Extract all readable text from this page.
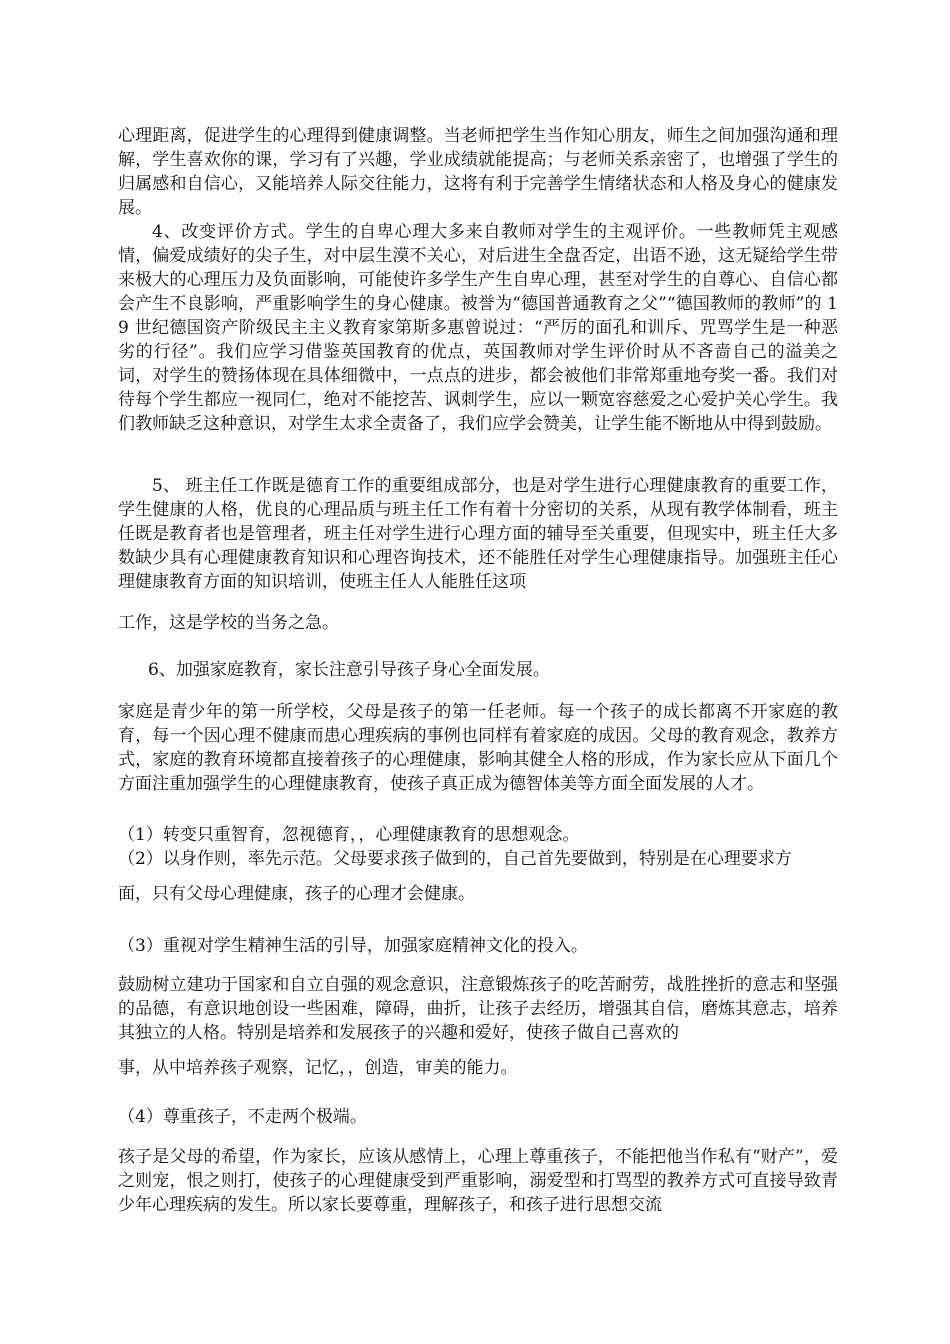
心理距离，促进学生的心理得到健康调整。当老师把学生当作知心朋友，师生之间加强沟通和理解，学生喜欢你的课，学习有了兴趣，学业成绩就能提高；与老师关系亲密了，也增强了学生的归属感和自信心，又能培养人际交往能力，这将有利于完善学生情绪状态和人格及身心的健康发展。

4、改变评价方式。学生的自卑心理大多来自教师对学生的主观评价。一些教师凭主观感情，偏爱成绩好的尖子生，对中层生漠不关心，对后进生全盘否定，出语不逊，这无疑给学生带来极大的心理压力及负面影响，可能使许多学生产生自卑心理，甚至对学生的自尊心、自信心都会产生不良影响，严重影响学生的身心健康。被誉为“德国普通教育之父”“德国教师的教师”的 19 世纪德国资产阶级民主主义教育家第斯多惠曾说过：“严厉的面孔和训斥、咒骂学生是一种恶劣的行径”。我们应学习借鉴英国教育的优点，英国教师对学生评价时从不吝啬自己的溢美之词，对学生的赞扬体现在具体细微中，一点点的进步，都会被他们非常郑重地夸奖一番。我们对待每个学生都应一视同仁，绝对不能挖苦、讽刺学生，应以一颗宽容慈爱之心爱护关心学生。我们教师缺乏这种意识，对学生太求全责备了，我们应学会赞美，让学生能不断地从中得到鼓励。

5、 班主任工作既是德育工作的重要组成部分，也是对学生进行心理健康教育的重要工作，学生健康的人格，优良的心理品质与班主任工作有着十分密切的关系，从现有教学体制看，班主任既是教育者也是管理者，班主任对学生进行心理方面的辅导至关重要，但现实中，班主任大多数缺少具有心理健康教育知识和心理咨询技术，还不能胜任对学生心理健康指导。加强班主任心理健康教育方面的知识培训，使班主任人人能胜任这项

工作，这是学校的当务之急。

6、加强家庭教育，家长注意引导孩子身心全面发展。

家庭是青少年的第一所学校，父母是孩子的第一任老师。每一个孩子的成长都离不开家庭的教育，每一个因心理不健康而患心理疾病的事例也同样有着家庭的成因。父母的教育观念，教养方式，家庭的教育环境都直接着孩子的心理健康，影响其健全人格的形成，作为家长应从下面几个方面注重加强学生的心理健康教育，使孩子真正成为德智体美等方面全面发展的人才。

（1）转变只重智育，忽视德育，，心理健康教育的思想观念。

（2）以身作则，率先示范。父母要求孩子做到的，自己首先要做到，特别是在心理要求方

面，只有父母心理健康，孩子的心理才会健康。

（3）重视对学生精神生活的引导，加强家庭精神文化的投入。

鼓励树立建功于国家和自立自强的观念意识，注意锻炼孩子的吃苦耐劳，战胜挫折的意志和坚强的品德，有意识地创设一些困难，障碍，曲折，让孩子去经历，增强其自信，磨炼其意志，培养其独立的人格。特别是培养和发展孩子的兴趣和爱好，使孩子做自己喜欢的

事，从中培养孩子观察，记忆，，创造，审美的能力。

（4）尊重孩子，不走两个极端。

孩子是父母的希望，作为家长，应该从感情上，心理上尊重孩子，不能把他当作私有“财产”，爱之则宠，恨之则打，使孩子的心理健康受到严重影响，溺爱型和打骂型的教养方式可直接导致青少年心理疾病的发生。所以家长要尊重，理解孩子，和孩子进行思想交流
